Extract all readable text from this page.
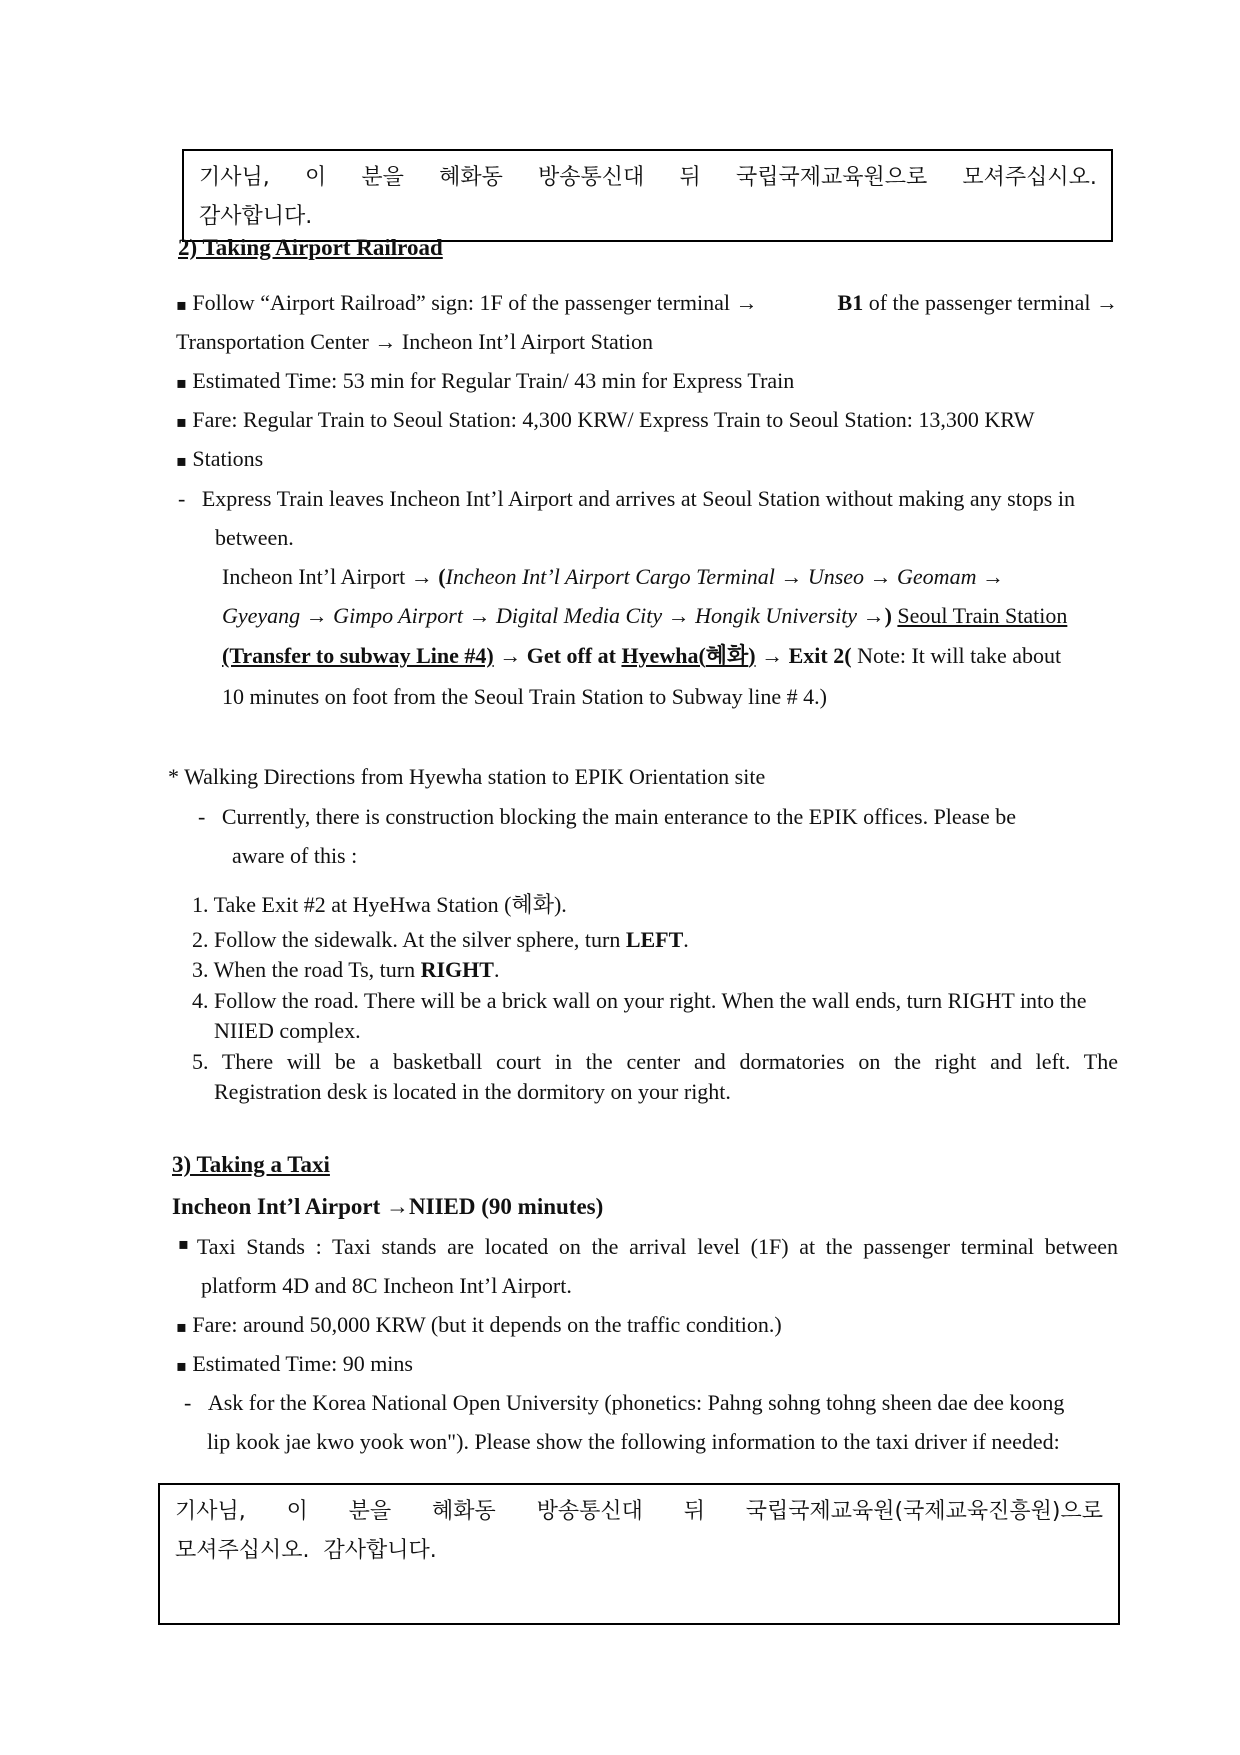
기사님, 이 분을 혜화동 방송통신대 뒤 국립국제교육원으로 모셔주십시오.
감사합니다.
2) Taking Airport Railroad
▪ Follow “Airport Railroad” sign: 1F of the passenger terminal →	B1 of the passenger terminal →
Transportation Center → Incheon Int’l Airport Station
▪ Estimated Time: 53 min for Regular Train/ 43 min for Express Train
▪ Fare: Regular Train to Seoul Station: 4,300 KRW/ Express Train to Seoul Station: 13,300 KRW
▪ Stations
- Express Train leaves Incheon Int’l Airport and arrives at Seoul Station without making any stops in
between.
Incheon Int’l Airport → (Incheon Int’l Airport Cargo Terminal → Unseo → Geomam →
Gyeyang → Gimpo Airport → Digital Media City → Hongik University →) Seoul Train Station
(Transfer to subway Line #4) → Get off at Hyewha(혜화) → Exit 2( Note: It will take about
10 minutes on foot from the Seoul Train Station to Subway line # 4.)
* Walking Directions from Hyewha station to EPIK Orientation site
- Currently, there is construction blocking the main enterance to the EPIK offices. Please be
aware of this :
1. Take Exit #2 at HyeHwa Station (혜화).
2. Follow the sidewalk. At the silver sphere, turn LEFT.
3. When the road Ts, turn RIGHT.
4. Follow the road. There will be a brick wall on your right. When the wall ends, turn RIGHT into the
NIIED complex.
5. There will be a basketball court in the center and dormatories on the right and left. The
Registration desk is located in the dormitory on your right.
3) Taking a Taxi
Incheon Int’l Airport →NIIED (90 minutes)
▪ Taxi Stands : Taxi stands are located on the arrival level (1F) at the passenger terminal between
platform 4D and 8C Incheon Int’l Airport.
▪ Fare: around 50,000 KRW (but it depends on the traffic condition.)
▪ Estimated Time: 90 mins
- Ask for the Korea National Open University (phonetics: Pahng sohng tohng sheen dae dee koong
lip kook jae kwo yook won"). Please show the following information to the taxi driver if needed:
기사님, 이 분을 혜화동 방송통신대 뒤 국립국제교육원(국제교육진흥원)으로
모셔주십시오.  감사합니다.
